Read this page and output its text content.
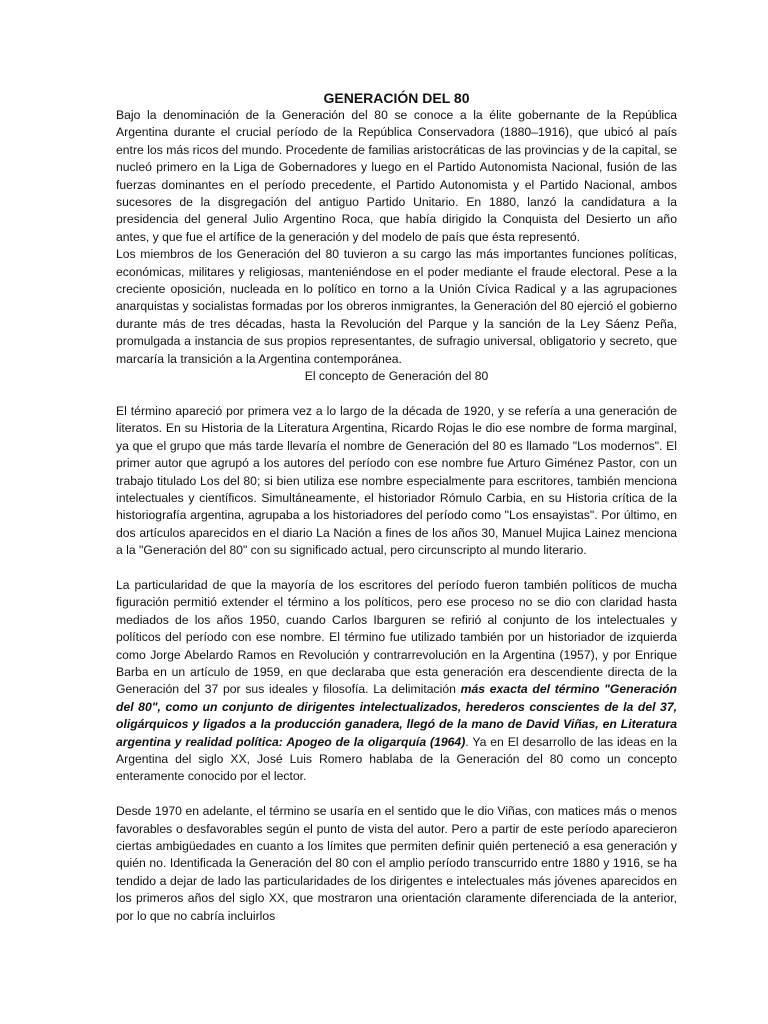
GENERACIÓN DEL 80

Bajo la denominación de la Generación del 80 se conoce a la élite gobernante de la República Argentina durante el crucial período de la República Conservadora (1880–1916), que ubicó al país entre los más ricos del mundo. Procedente de familias aristocráticas de las provincias y de la capital, se nucleó primero en la Liga de Gobernadores y luego en el Partido Autonomista Nacional, fusión de las fuerzas dominantes en el período precedente, el Partido Autonomista y el Partido Nacional, ambos sucesores de la disgregación del antiguo Partido Unitario. En 1880, lanzó la candidatura a la presidencia del general Julio Argentino Roca, que había dirigido la Conquista del Desierto un año antes, y que fue el artífice de la generación y del modelo de país que ésta representó.

Los miembros de los Generación del 80 tuvieron a su cargo las más importantes funciones políticas, económicas, militares y religiosas, manteniéndose en el poder mediante el fraude electoral. Pese a la creciente oposición, nucleada en lo político en torno a la Unión Cívica Radical y a las agrupaciones anarquistas y socialistas formadas por los obreros inmigrantes, la Generación del 80 ejerció el gobierno durante más de tres décadas, hasta la Revolución del Parque y la sanción de la Ley Sáenz Peña, promulgada a instancia de sus propios representantes, de sufragio universal, obligatorio y secreto, que marcaría la transición a la Argentina contemporánea.

El concepto de Generación del 80

El término apareció por primera vez a lo largo de la década de 1920, y se refería a una generación de literatos. En su Historia de la Literatura Argentina, Ricardo Rojas le dio ese nombre de forma marginal, ya que el grupo que más tarde llevaría el nombre de Generación del 80 es llamado "Los modernos". El primer autor que agrupó a los autores del período con ese nombre fue Arturo Giménez Pastor, con un trabajo titulado Los del 80; si bien utiliza ese nombre especialmente para escritores, también menciona intelectuales y científicos. Simultáneamente, el historiador Rómulo Carbia, en su Historia crítica de la historiografía argentina, agrupaba a los historiadores del período como "Los ensayistas". Por último, en dos artículos aparecidos en el diario La Nación a fines de los años 30, Manuel Mujica Lainez menciona a la "Generación del 80" con su significado actual, pero circunscripto al mundo literario.

La particularidad de que la mayoría de los escritores del período fueron también políticos de mucha figuración permitió extender el término a los políticos, pero ese proceso no se dio con claridad hasta mediados de los años 1950, cuando Carlos Ibarguren se refirió al conjunto de los intelectuales y políticos del período con ese nombre. El término fue utilizado también por un historiador de izquierda como Jorge Abelardo Ramos en Revolución y contrarrevolución en la Argentina (1957), y por Enrique Barba en un artículo de 1959, en que declaraba que esta generación era descendiente directa de la Generación del 37 por sus ideales y filosofía. La delimitación más exacta del término "Generación del 80", como un conjunto de dirigentes intelectualizados, herederos conscientes de la del 37, oligárquicos y ligados a la producción ganadera, llegó de la mano de David Viñas, en Literatura argentina y realidad política: Apogeo de la oligarquía (1964). Ya en El desarrollo de las ideas en la Argentina del siglo XX, José Luis Romero hablaba de la Generación del 80 como un concepto enteramente conocido por el lector.

Desde 1970 en adelante, el término se usaría en el sentido que le dio Viñas, con matices más o menos favorables o desfavorables según el punto de vista del autor. Pero a partir de este período aparecieron ciertas ambigüedades en cuanto a los límites que permiten definir quién perteneció a esa generación y quién no. Identificada la Generación del 80 con el amplio período transcurrido entre 1880 y 1916, se ha tendido a dejar de lado las particularidades de los dirigentes e intelectuales más jóvenes aparecidos en los primeros años del siglo XX, que mostraron una orientación claramente diferenciada de la anterior, por lo que no cabría incluirlos
